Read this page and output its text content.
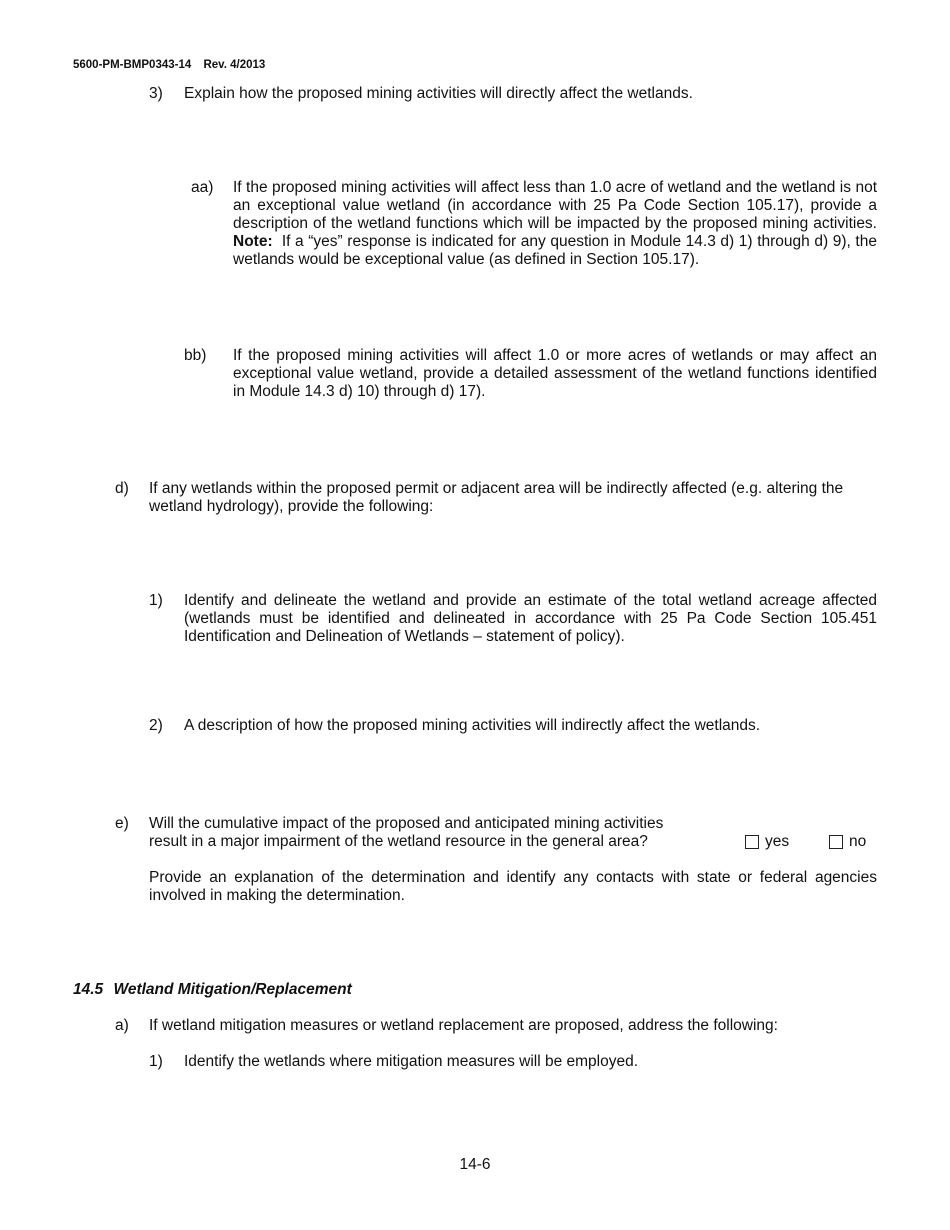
5600-PM-BMP0343-14 Rev. 4/2013
3) Explain how the proposed mining activities will directly affect the wetlands.
aa) If the proposed mining activities will affect less than 1.0 acre of wetland and the wetland is not an exceptional value wetland (in accordance with 25 Pa Code Section 105.17), provide a description of the wetland functions which will be impacted by the proposed mining activities. Note: If a “yes” response is indicated for any question in Module 14.3 d) 1) through d) 9), the wetlands would be exceptional value (as defined in Section 105.17).
bb) If the proposed mining activities will affect 1.0 or more acres of wetlands or may affect an exceptional value wetland, provide a detailed assessment of the wetland functions identified in Module 14.3 d) 10) through d) 17).
d) If any wetlands within the proposed permit or adjacent area will be indirectly affected (e.g. altering the wetland hydrology), provide the following:
1) Identify and delineate the wetland and provide an estimate of the total wetland acreage affected (wetlands must be identified and delineated in accordance with 25 Pa Code Section 105.451 Identification and Delineation of Wetlands – statement of policy).
2) A description of how the proposed mining activities will indirectly affect the wetlands.
e) Will the cumulative impact of the proposed and anticipated mining activities
result in a major impairment of the wetland resource in the general area?	yes	no
Provide an explanation of the determination and identify any contacts with state or federal agencies involved in making the determination.
14.5 Wetland Mitigation/Replacement
a) If wetland mitigation measures or wetland replacement are proposed, address the following:
1) Identify the wetlands where mitigation measures will be employed.
14-6
